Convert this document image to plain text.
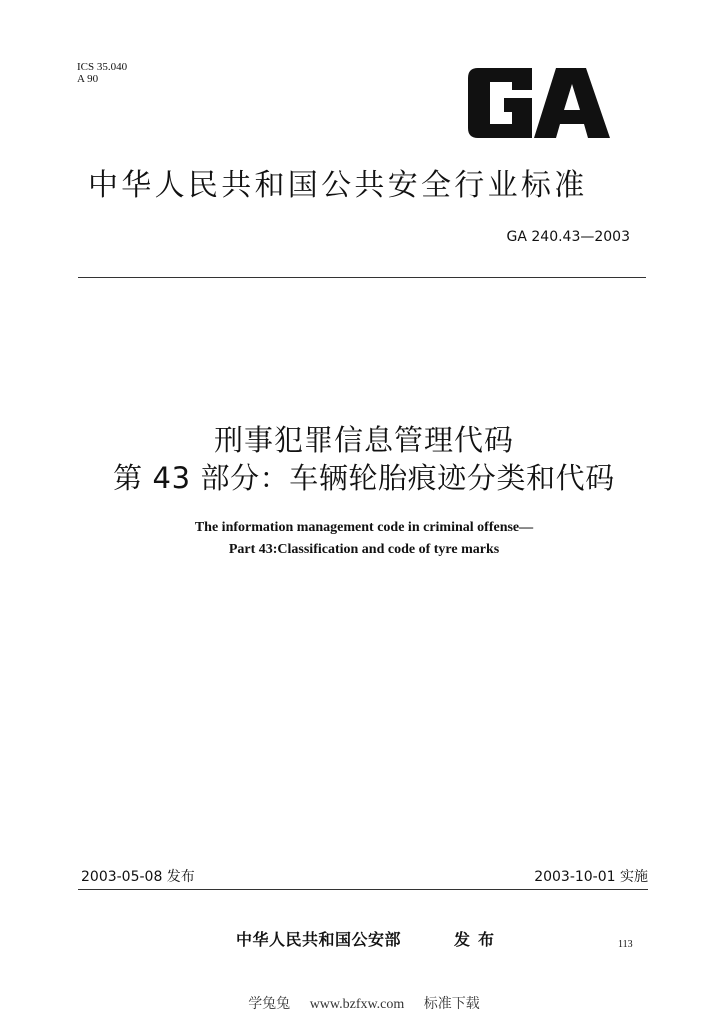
ICS 35.040
A 90
中华人民共和国公共安全行业标准
GA 240.43—2003
刑事犯罪信息管理代码
第 43 部分：车辆轮胎痕迹分类和代码
The information management code in criminal offense—
Part 43:Classification and code of tyre marks
2003-05-08 发布	2003-10-01 实施
中华人民共和国公安部	发布	113
学兔兔 www.bzfxw.com 标准下载
